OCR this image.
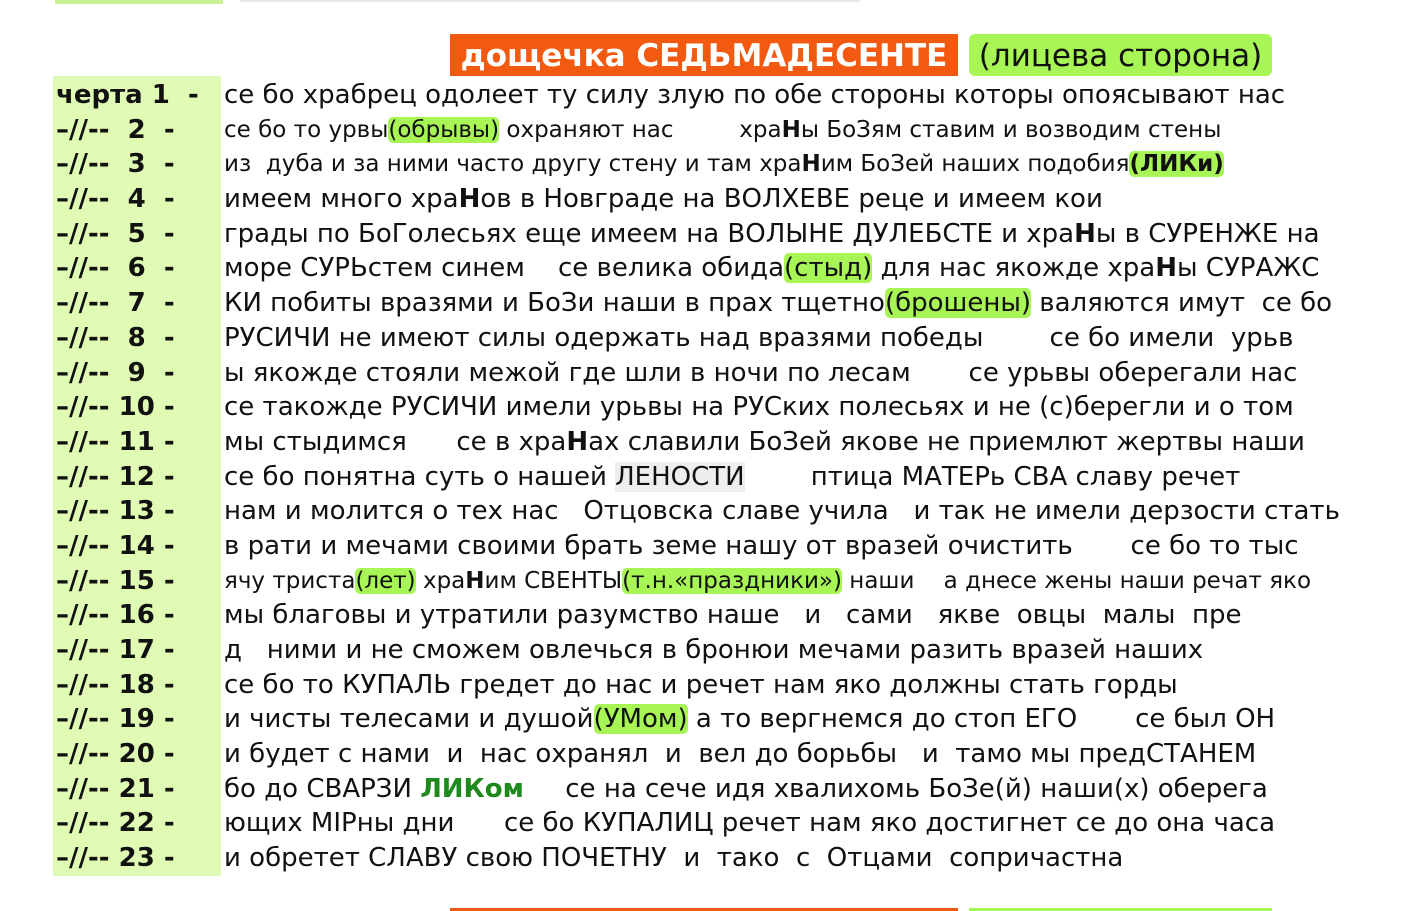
дощечка СЕДЬМАДЕСЕНТЕ	(лицева сторона)
черта 1  - се бо храбрец одолеет ту силу злую по обе стороны которы опоясывают нас
–//--  2  -	се бо то урвы(обрывы) охраняют нас         храНы БоЗям ставим и возводим стены
–//--  3  -	из  дуба и за ними часто другу стену и там храНим БоЗей наших подобия(ЛИКи)
–//--  4  -	имеем много храНов в Новграде на ВОЛХЕВЕ реце и имеем кои
–//--  5  -	грады по БоГолесьях еще имеем на ВОЛЫНЕ ДУЛЕБСТЕ и храНы в СУРЕНЖЕ на
–//--  6  -	море СУРЬстем синем    се велика обида(стыд) для нас якожде храНы СУРАЖС
–//--  7  -	КИ побиты вразями и БоЗи наши в прах тщетно(брошены) валяются имут  се бо
–//--  8  -	РУСИЧИ не имеют силы одержать над вразями победы        се бо имели  урьв
–//--  9  -	ы якожде стояли межой где шли в ночи по лесам       се урьвы оберегали нас
–//-- 10 -	се такожде РУСИЧИ имели урьвы на РУСких полесьях и не (с)берегли и о том
–//-- 11 -	мы стыдимся      се в храНах славили БоЗей якове не приемлют жертвы наши
–//-- 12 -	се бо понятна суть о нашей ЛЕНОСТИ        птица МАТЕРь СВА славу речет
–//-- 13 -	нам и молится о тех нас   Отцовска славе учила   и так не имели дерзости стать
–//-- 14 -	в рати и мечами своими брать земе нашу от вразей очистить       се бо то тыс
–//-- 15 -	ячу триста(лет) храНим СВЕНТЫ(т.н.«праздники») наши    а днесе жены наши речат яко
–//-- 16 -	мы благовы и утратили разумство наше   и   сами   якве  овцы  малы  пре
–//-- 17 -	д   ними и не сможем овлечься в бронюи мечами разить вразей наших
–//-- 18 -	се бо то КУПАЛЬ гредет до нас и речет нам яко должны стать горды
–//-- 19 -	и чисты телесами и душой(УМом) а то вергнемся до стоп ЕГО       се был ОН
–//-- 20 -	и будет с нами  и  нас охранял  и  вел до борьбы   и  тамо мы предСТАНЕМ
–//-- 21 -	бо до СВАРЗИ ЛИКом     се на сече идя хвалихомь БоЗе(й) наши(х) оберега
–//-- 22 -	ющих МIРны дни      се бо КУПАЛИЦ речет нам яко достигнет се до она часа
–//-- 23 -	и обретет СЛАВУ свою ПОЧЕТНУ  и  тако  с  Отцами  сопричастна
